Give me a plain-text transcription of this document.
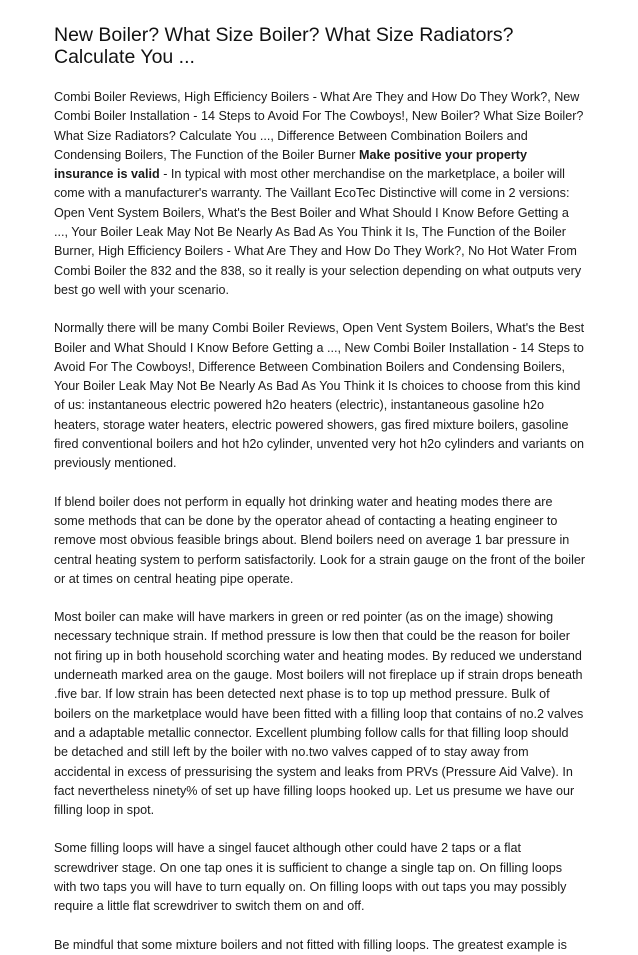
New Boiler? What Size Boiler? What Size Radiators? Calculate You ...

Combi Boiler Reviews, High Efficiency Boilers - What Are They and How Do They Work?, New Combi Boiler Installation - 14 Steps to Avoid For The Cowboys!, New Boiler? What Size Boiler? What Size Radiators? Calculate You ..., Difference Between Combination Boilers and Condensing Boilers, The Function of the Boiler Burner Make positive your property insurance is valid - In typical with most other merchandise on the marketplace, a boiler will come with a manufacturer's warranty. The Vaillant EcoTec Distinctive will come in 2 versions: Open Vent System Boilers, What's the Best Boiler and What Should I Know Before Getting a ..., Your Boiler Leak May Not Be Nearly As Bad As You Think it Is, The Function of the Boiler Burner, High Efficiency Boilers - What Are They and How Do They Work?, No Hot Water From Combi Boiler the 832 and the 838, so it really is your selection depending on what outputs very best go well with your scenario.

Normally there will be many Combi Boiler Reviews, Open Vent System Boilers, What's the Best Boiler and What Should I Know Before Getting a ..., New Combi Boiler Installation - 14 Steps to Avoid For The Cowboys!, Difference Between Combination Boilers and Condensing Boilers, Your Boiler Leak May Not Be Nearly As Bad As You Think it Is choices to choose from this kind of us: instantaneous electric powered h2o heaters (electric), instantaneous gasoline h2o heaters, storage water heaters, electric powered showers, gas fired mixture boilers, gasoline fired conventional boilers and hot h2o cylinder, unvented very hot h2o cylinders and variants on previously mentioned.

If blend boiler does not perform in equally hot drinking water and heating modes there are some methods that can be done by the operator ahead of contacting a heating engineer to remove most obvious feasible brings about. Blend boilers need on average 1 bar pressure in central heating system to perform satisfactorily. Look for a strain gauge on the front of the boiler or at times on central heating pipe operate.

Most boiler can make will have markers in green or red pointer (as on the image) showing necessary technique strain. If method pressure is low then that could be the reason for boiler not firing up in both household scorching water and heating modes. By reduced we understand underneath marked area on the gauge. Most boilers will not fireplace up if strain drops beneath .five bar. If low strain has been detected next phase is to top up method pressure. Bulk of boilers on the marketplace would have been fitted with a filling loop that contains of no.2 valves and a adaptable metallic connector. Excellent plumbing follow calls for that filling loop should be detached and still left by the boiler with no.two valves capped of to stay away from accidental in excess of pressurising the system and leaks from PRVs (Pressure Aid Valve). In fact nevertheless ninety% of set up have filling loops hooked up. Let us presume we have our filling loop in spot.

Some filling loops will have a singel faucet although other could have 2 taps or a flat screwdriver stage. On one tap ones it is sufficient to change a single tap on. On filling loops with two taps you will have to turn equally on. On filling loops with out taps you may possibly require a little flat screwdriver to switch them on and off.

Be mindful that some mixture boilers and not fitted with filling loops. The greatest example is
